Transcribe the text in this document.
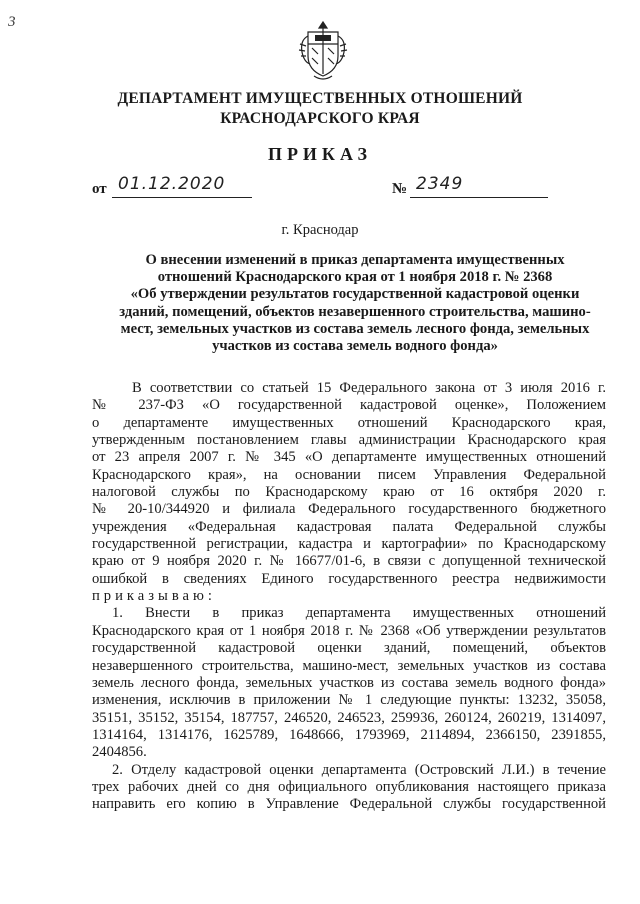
3
ДЕПАРТАМЕНТ ИМУЩЕСТВЕННЫХ ОТНОШЕНИЙ
КРАСНОДАРСКОГО КРАЯ
ПРИКАЗ
от 01.12.2020	№ 2349
г. Краснодар
О внесении изменений в приказ департамента имущественных
отношений Краснодарского края от 1 ноября 2018 г. № 2368
«Об утверждении результатов государственной кадастровой оценки
зданий, помещений, объектов незавершенного строительства, машино-
мест, земельных участков из состава земель лесного фонда, земельных
участков из состава земель водного фонда»
В соответствии со статьей 15 Федерального закона от 3 июля 2016 г.
№ 237-ФЗ «О государственной кадастровой оценке», Положением
о департаменте имущественных отношений Краснодарского края,
утвержденным постановлением главы администрации Краснодарского края
от 23 апреля 2007 г. № 345 «О департаменте имущественных отношений
Краснодарского края», на основании писем Управления Федеральной
налоговой службы по Краснодарскому краю от 16 октября 2020 г.
№ 20-10/344920 и филиала Федерального государственного бюджетного
учреждения «Федеральная кадастровая палата Федеральной службы
государственной регистрации, кадастра и картографии» по Краснодарскому
краю от 9 ноября 2020 г. № 16677/01-6, в связи с допущенной технической
ошибкой в сведениях Единого государственного реестра недвижимости
приказываю:
1. Внести в приказ департамента имущественных отношений
Краснодарского края от 1 ноября 2018 г. № 2368 «Об утверждении результатов
государственной кадастровой оценки зданий, помещений, объектов
незавершенного строительства, машино-мест, земельных участков из состава
земель лесного фонда, земельных участков из состава земель водного фонда»
изменения, исключив в приложении № 1 следующие пункты: 13232, 35058,
35151, 35152, 35154, 187757, 246520, 246523, 259936, 260124, 260219, 1314097,
1314164, 1314176, 1625789, 1648666, 1793969, 2114894, 2366150, 2391855,
2404856.
2. Отделу кадастровой оценки департамента (Островский Л.И.) в течение
трех рабочих дней со дня официального опубликования настоящего приказа
направить его копию в Управление Федеральной службы государственной
